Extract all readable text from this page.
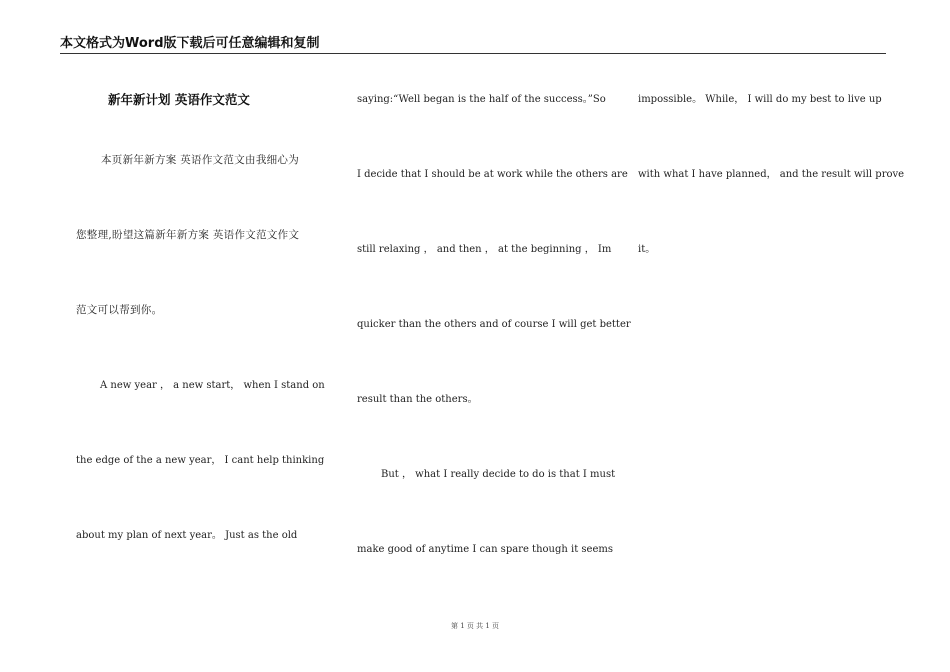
本文格式为Word版下载后可任意编辑和复制
新年新计划 英语作文范文
本页新年新方案 英语作文范文由我细心为
您整理,盼望这篇新年新方案 英语作文范文作文
范文可以帮到你。
A new year ， a new start， when I stand on
the edge of the a new year， I cant help thinking
about my plan of next year。 Just as the old
saying:“Well began is the half of the success。”So
I decide that I should be at work while the others are
still relaxing ， and then ， at the beginning ， Im
quicker than the others and of course I will get better
result than the others。
But ， what I really decide to do is that I must
make good of anytime I can spare though it seems
impossible。 While， I will do my best to live up
with what I have planned， and the result will prove
it。
第 1 页 共 1 页
